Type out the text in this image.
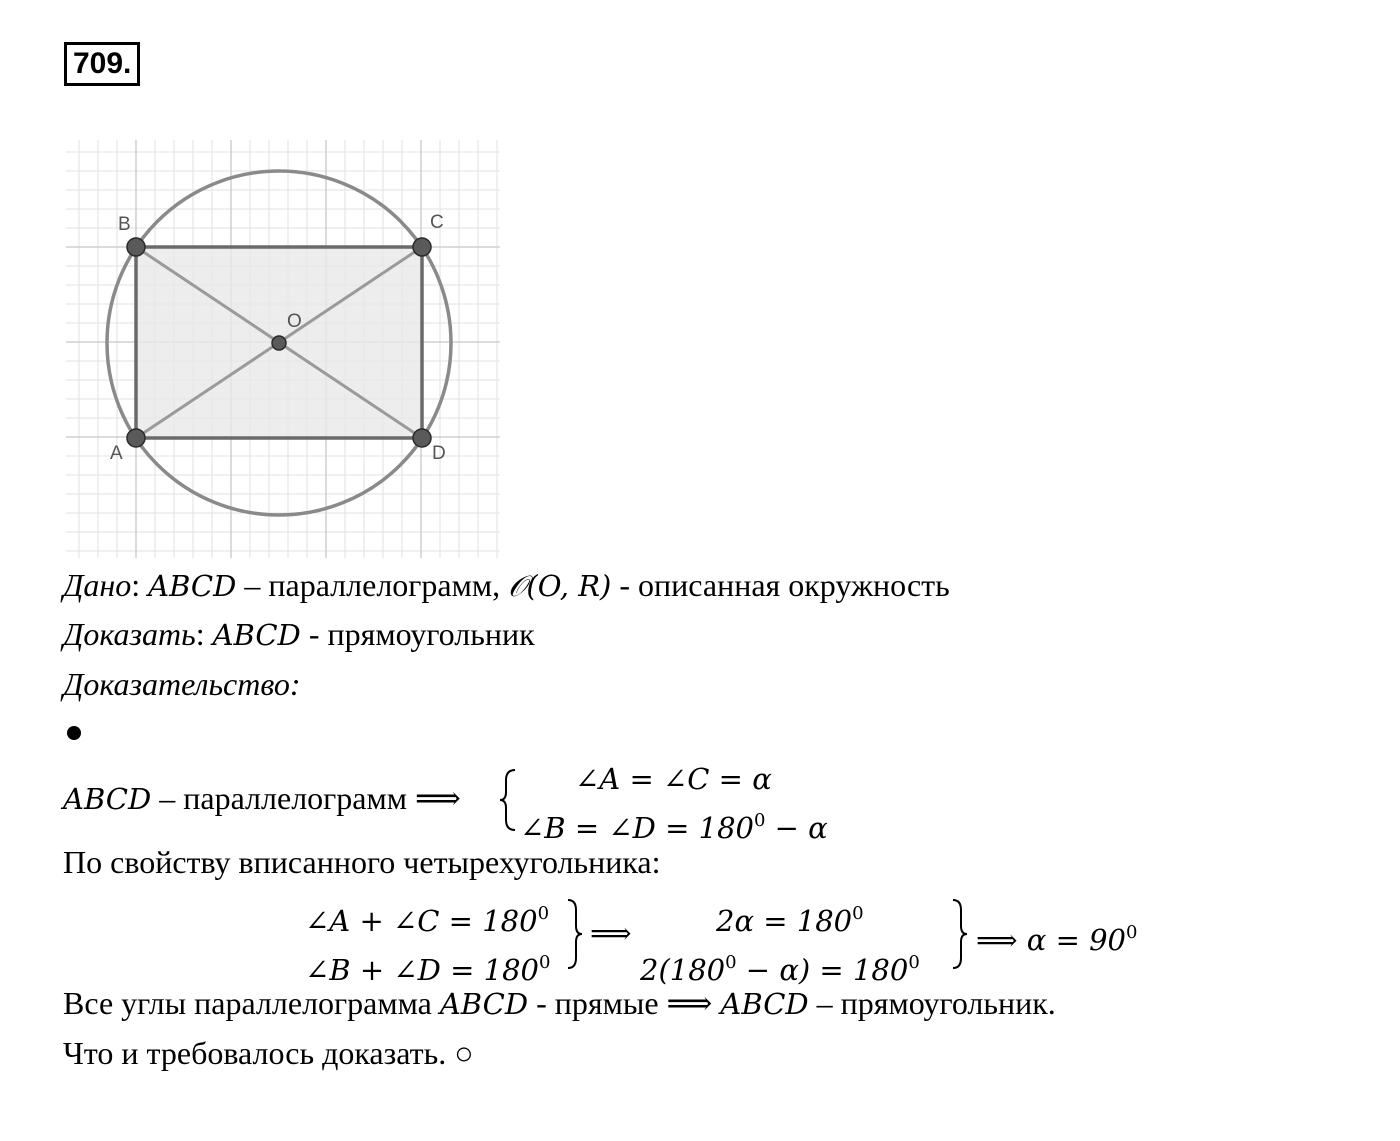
709.
B	C
O
A	D
Дано: ABCD – параллелограмм, 𝒪(O, R) - описанная окружность
Доказать: ABCD - прямоугольник
Доказательство:
ABCD – параллелограмм ⟹
∠A = ∠C = α
∠B = ∠D = $180^0 - \alpha$
По свойству вписанного четырехугольника:
∠A + ∠C = $180^0$
∠B + ∠D = $180^0$
⟹	$2\alpha = 180^0$
$2(180^0 - \alpha) = 180^0$
⟹ $\alpha = 90^0$
Все углы параллелограмма ABCD - прямые ⟹ ABCD – прямоугольник.
Что и требовалось доказать. ○
